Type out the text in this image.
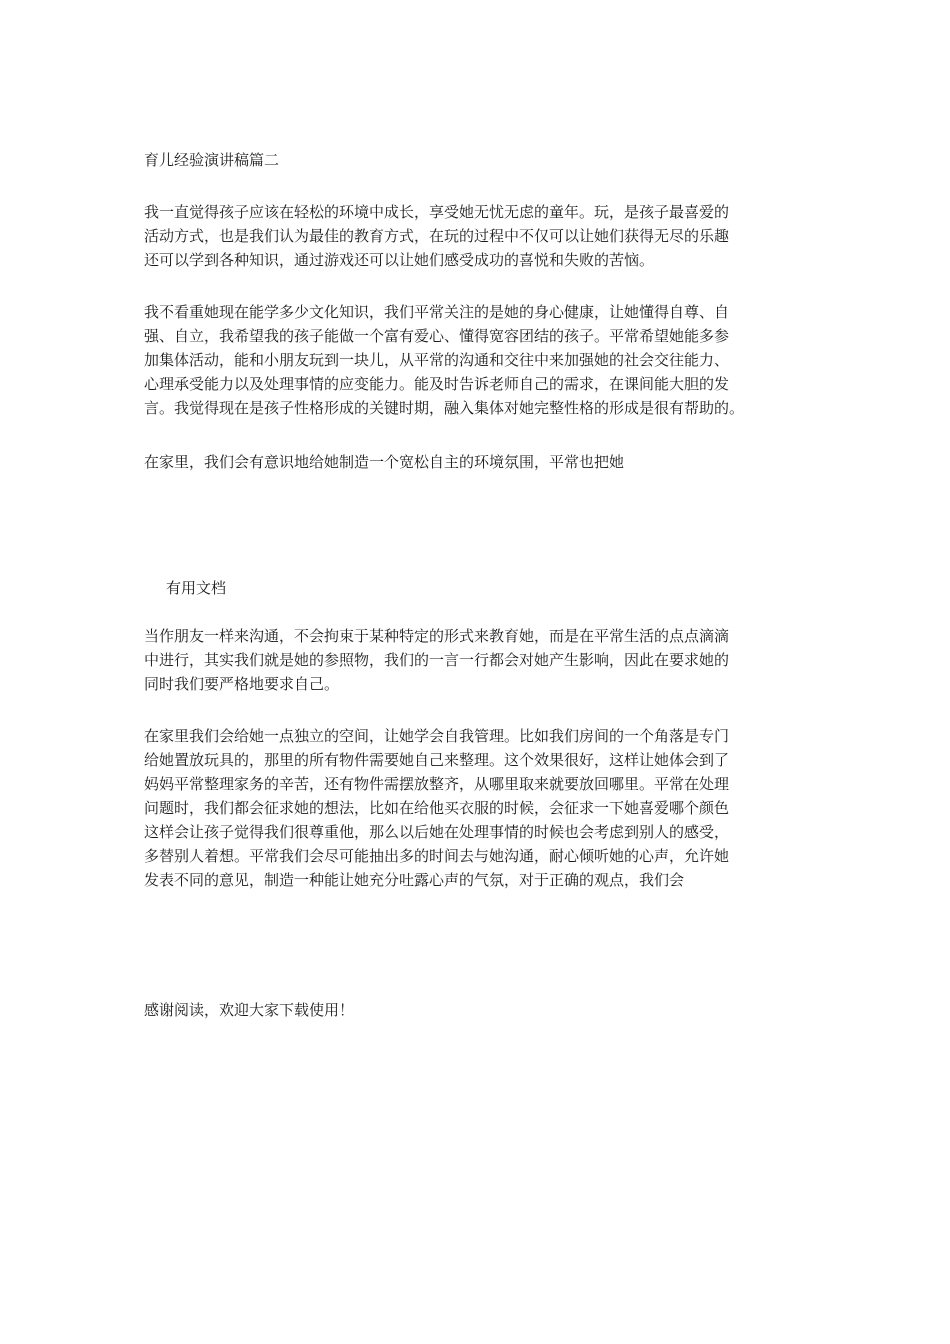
育儿经验演讲稿篇二

我一直觉得孩子应该在轻松的环境中成长，享受她无忧无虑的童年。玩，是孩子最喜爱的
活动方式，也是我们认为最佳的教育方式，在玩的过程中不仅可以让她们获得无尽的乐趣
还可以学到各种知识，通过游戏还可以让她们感受成功的喜悦和失败的苦恼。
我不看重她现在能学多少文化知识，我们平常关注的是她的身心健康，让她懂得自尊、自
强、自立，我希望我的孩子能做一个富有爱心、懂得宽容团结的孩子。平常希望她能多参
加集体活动，能和小朋友玩到一块儿，从平常的沟通和交往中来加强她的社会交往能力、
心理承受能力以及处理事情的应变能力。能及时告诉老师自己的需求，在课间能大胆的发
言。我觉得现在是孩子性格形成的关键时期，融入集体对她完整性格的形成是很有帮助的。
在家里，我们会有意识地给她制造一个宽松自主的环境氛围，平常也把她

有用文档

当作朋友一样来沟通，不会拘束于某种特定的形式来教育她，而是在平常生活的点点滴滴
中进行，其实我们就是她的参照物，我们的一言一行都会对她产生影响，因此在要求她的
同时我们要严格地要求自己。
在家里我们会给她一点独立的空间，让她学会自我管理。比如我们房间的一个角落是专门
给她置放玩具的，那里的所有物件需要她自己来整理。这个效果很好，这样让她体会到了
妈妈平常整理家务的辛苦，还有物件需摆放整齐，从哪里取来就要放回哪里。平常在处理
问题时，我们都会征求她的想法，比如在给他买衣服的时候，会征求一下她喜爱哪个颜色
这样会让孩子觉得我们很尊重他，那么以后她在处理事情的时候也会考虑到别人的感受，
多替别人着想。平常我们会尽可能抽出多的时间去与她沟通，耐心倾听她的心声，允许她
发表不同的意见，制造一种能让她充分吐露心声的气氛，对于正确的观点，我们会

感谢阅读，欢迎大家下载使用！
